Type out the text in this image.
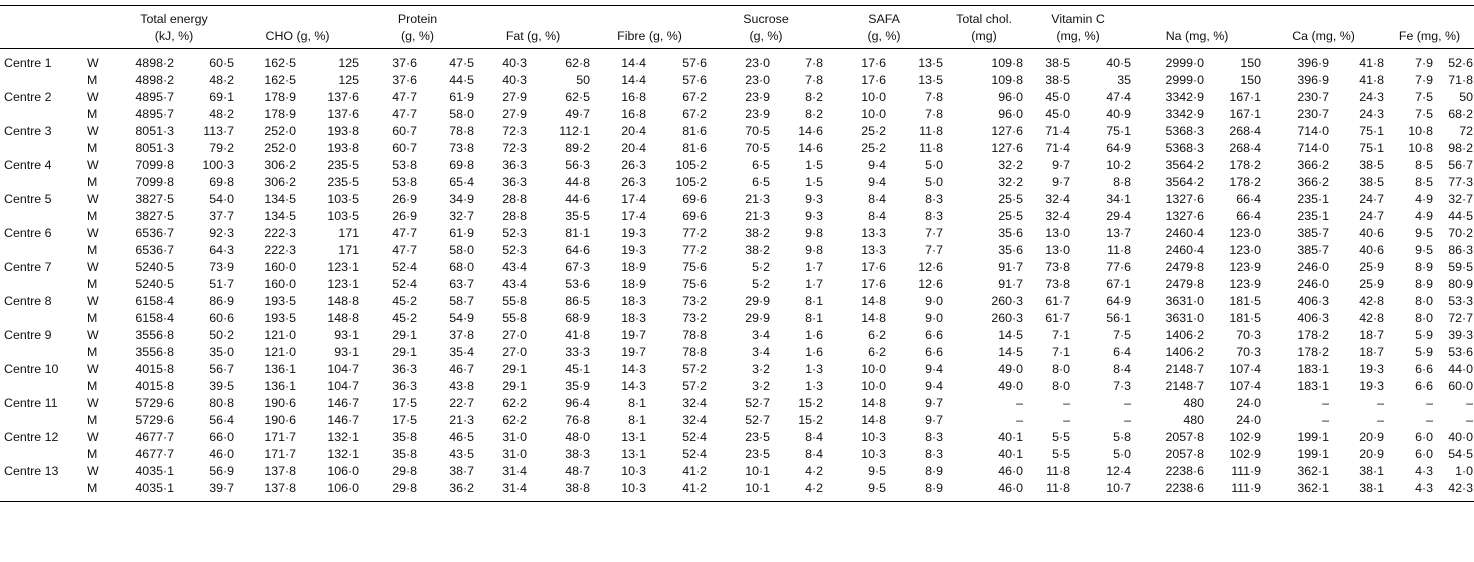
		Total energy				Protein						Sucrose		SAFA		Total chol.	Vitamin C							
		(kJ, %)		CHO (g, %)		(g, %)		Fat (g, %)		Fibre (g, %)		(g, %)		(g, %)		(mg)	(mg, %)		Na (mg, %)		Ca (mg, %)		Fe (mg, %)	
Centre 1	W	4898·2	60·5	162·5	125	37·6	47·5	40·3	62·8	14·4	57·6	23·0	7·8	17·6	13·5	109·8	38·5	40·5	2999·0	150	396·9	41·8	7·9	52·6
	M	4898·2	48·2	162·5	125	37·6	44·5	40·3	50	14·4	57·6	23·0	7·8	17·6	13·5	109·8	38·5	35	2999·0	150	396·9	41·8	7·9	71·8
Centre 2	W	4895·7	69·1	178·9	137·6	47·7	61·9	27·9	62·5	16·8	67·2	23·9	8·2	10·0	7·8	96·0	45·0	47·4	3342·9	167·1	230·7	24·3	7·5	50
	M	4895·7	48·2	178·9	137·6	47·7	58·0	27·9	49·7	16·8	67·2	23·9	8·2	10·0	7·8	96·0	45·0	40·9	3342·9	167·1	230·7	24·3	7·5	68·2
Centre 3	W	8051·3	113·7	252·0	193·8	60·7	78·8	72·3	112·1	20·4	81·6	70·5	14·6	25·2	11·8	127·6	71·4	75·1	5368·3	268·4	714·0	75·1	10·8	72
	M	8051·3	79·2	252·0	193·8	60·7	73·8	72·3	89·2	20·4	81·6	70·5	14·6	25·2	11·8	127·6	71·4	64·9	5368·3	268·4	714·0	75·1	10·8	98·2
Centre 4	W	7099·8	100·3	306·2	235·5	53·8	69·8	36·3	56·3	26·3	105·2	6·5	1·5	9·4	5·0	32·2	9·7	10·2	3564·2	178·2	366·2	38·5	8·5	56·7
	M	7099·8	69·8	306·2	235·5	53·8	65·4	36·3	44·8	26·3	105·2	6·5	1·5	9·4	5·0	32·2	9·7	8·8	3564·2	178·2	366·2	38·5	8·5	77·3
Centre 5	W	3827·5	54·0	134·5	103·5	26·9	34·9	28·8	44·6	17·4	69·6	21·3	9·3	8·4	8·3	25·5	32·4	34·1	1327·6	66·4	235·1	24·7	4·9	32·7
	M	3827·5	37·7	134·5	103·5	26·9	32·7	28·8	35·5	17·4	69·6	21·3	9·3	8·4	8·3	25·5	32·4	29·4	1327·6	66·4	235·1	24·7	4·9	44·5
Centre 6	W	6536·7	92·3	222·3	171	47·7	61·9	52·3	81·1	19·3	77·2	38·2	9·8	13·3	7·7	35·6	13·0	13·7	2460·4	123·0	385·7	40·6	9·5	70·2
	M	6536·7	64·3	222·3	171	47·7	58·0	52·3	64·6	19·3	77·2	38·2	9·8	13·3	7·7	35·6	13·0	11·8	2460·4	123·0	385·7	40·6	9·5	86·3
Centre 7	W	5240·5	73·9	160·0	123·1	52·4	68·0	43·4	67·3	18·9	75·6	5·2	1·7	17·6	12·6	91·7	73·8	77·6	2479·8	123·9	246·0	25·9	8·9	59·5
	M	5240·5	51·7	160·0	123·1	52·4	63·7	43·4	53·6	18·9	75·6	5·2	1·7	17·6	12·6	91·7	73·8	67·1	2479·8	123·9	246·0	25·9	8·9	80·9
Centre 8	W	6158·4	86·9	193·5	148·8	45·2	58·7	55·8	86·5	18·3	73·2	29·9	8·1	14·8	9·0	260·3	61·7	64·9	3631·0	181·5	406·3	42·8	8·0	53·3
	M	6158·4	60·6	193·5	148·8	45·2	54·9	55·8	68·9	18·3	73·2	29·9	8·1	14·8	9·0	260·3	61·7	56·1	3631·0	181·5	406·3	42·8	8·0	72·7
Centre 9	W	3556·8	50·2	121·0	93·1	29·1	37·8	27·0	41·8	19·7	78·8	3·4	1·6	6·2	6·6	14·5	7·1	7·5	1406·2	70·3	178·2	18·7	5·9	39·3
	M	3556·8	35·0	121·0	93·1	29·1	35·4	27·0	33·3	19·7	78·8	3·4	1·6	6·2	6·6	14·5	7·1	6·4	1406·2	70·3	178·2	18·7	5·9	53·6
Centre 10	W	4015·8	56·7	136·1	104·7	36·3	46·7	29·1	45·1	14·3	57·2	3·2	1·3	10·0	9·4	49·0	8·0	8·4	2148·7	107·4	183·1	19·3	6·6	44·0
	M	4015·8	39·5	136·1	104·7	36·3	43·8	29·1	35·9	14·3	57·2	3·2	1·3	10·0	9·4	49·0	8·0	7·3	2148·7	107·4	183·1	19·3	6·6	60·0
Centre 11	W	5729·6	80·8	190·6	146·7	17·5	22·7	62·2	96·4	8·1	32·4	52·7	15·2	14·8	9·7	–	–	–	480	24·0	–	–	–	–
	M	5729·6	56·4	190·6	146·7	17·5	21·3	62·2	76·8	8·1	32·4	52·7	15·2	14·8	9·7	–	–	–	480	24·0	–	–	–	–
Centre 12	W	4677·7	66·0	171·7	132·1	35·8	46·5	31·0	48·0	13·1	52·4	23·5	8·4	10·3	8·3	40·1	5·5	5·8	2057·8	102·9	199·1	20·9	6·0	40·0
	M	4677·7	46·0	171·7	132·1	35·8	43·5	31·0	38·3	13·1	52·4	23·5	8·4	10·3	8·3	40·1	5·5	5·0	2057·8	102·9	199·1	20·9	6·0	54·5
Centre 13	W	4035·1	56·9	137·8	106·0	29·8	38·7	31·4	48·7	10·3	41·2	10·1	4·2	9·5	8·9	46·0	11·8	12·4	2238·6	111·9	362·1	38·1	4·3	1·0
	M	4035·1	39·7	137·8	106·0	29·8	36·2	31·4	38·8	10·3	41·2	10·1	4·2	9·5	8·9	46·0	11·8	10·7	2238·6	111·9	362·1	38·1	4·3	42·3
